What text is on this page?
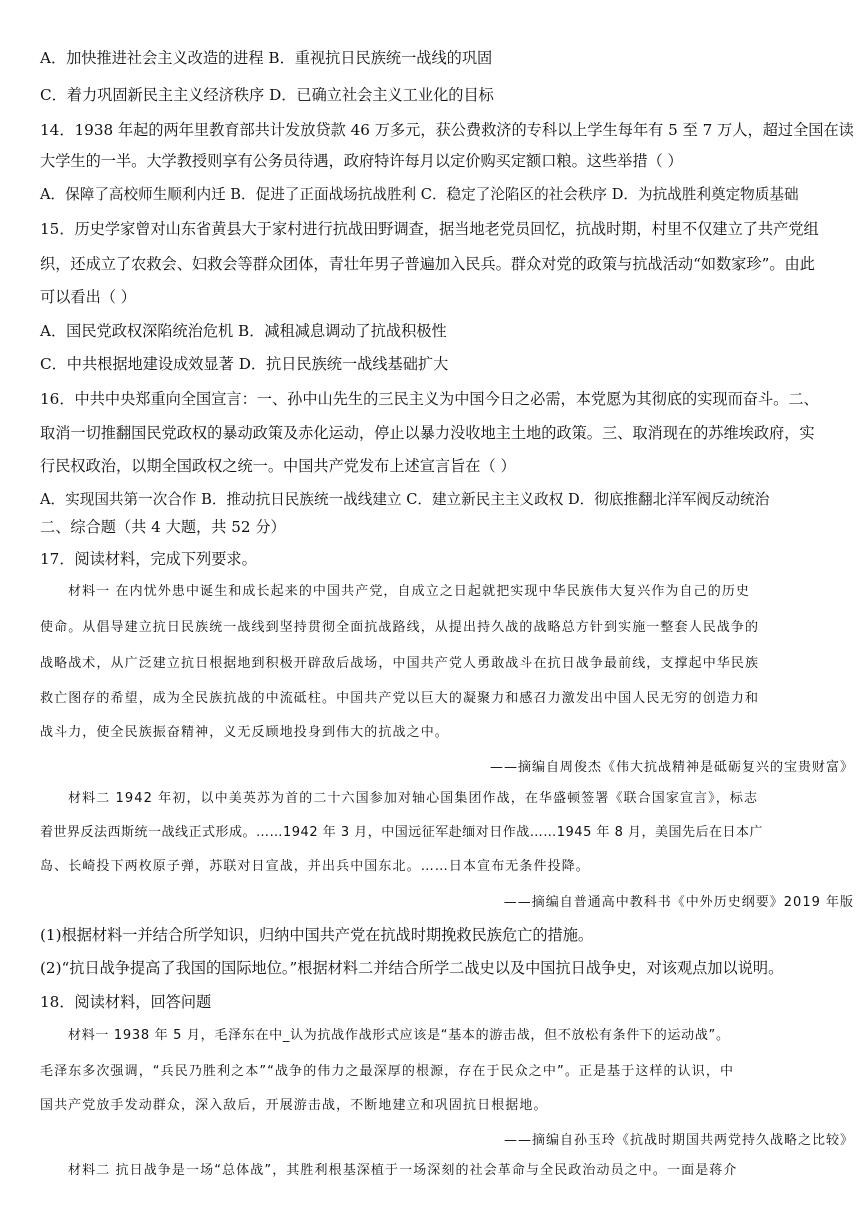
A．加快推进社会主义改造的进程 B．重视抗日民族统一战线的巩固
C．着力巩固新民主主义经济秩序 D．已确立社会主义工业化的目标
14．1938 年起的两年里教育部共计发放贷款 46 万多元，获公费救济的专科以上学生每年有 5 至 7 万人，超过全国在读
大学生的一半。大学教授则享有公务员待遇，政府特许每月以定价购买定额口粮。这些举措（ ）
A．保障了高校师生顺利内迁 B．促进了正面战场抗战胜利 C．稳定了沦陷区的社会秩序 D．为抗战胜利奠定物质基础
15．历史学家曾对山东省黄县大于家村进行抗战田野调查，据当地老党员回忆，抗战时期，村里不仅建立了共产党组
织，还成立了农救会、妇救会等群众团体，青壮年男子普遍加入民兵。群众对党的政策与抗战活动“如数家珍”。由此
可以看出（ ）
A．国民党政权深陷统治危机 B．减租减息调动了抗战积极性
C．中共根据地建设成效显著 D．抗日民族统一战线基础扩大
16．中共中央郑重向全国宣言：一、孙中山先生的三民主义为中国今日之必需，本党愿为其彻底的实现而奋斗。二、
取消一切推翻国民党政权的暴动政策及赤化运动，停止以暴力没收地主土地的政策。三、取消现在的苏维埃政府，实
行民权政治，以期全国政权之统一。中国共产党发布上述宣言旨在（ ）
A．实现国共第一次合作 B．推动抗日民族统一战线建立 C．建立新民主主义政权 D．彻底推翻北洋军阀反动统治
二、综合题（共 4 大题，共 52 分）
17．阅读材料，完成下列要求。
材料一 在内忧外患中诞生和成长起来的中国共产党，自成立之日起就把实现中华民族伟大复兴作为自己的历史
使命。从倡导建立抗日民族统一战线到坚持贯彻全面抗战路线，从提出持久战的战略总方针到实施一整套人民战争的
战略战术，从广泛建立抗日根据地到积极开辟敌后战场，中国共产党人勇敢战斗在抗日战争最前线，支撑起中华民族
救亡图存的希望，成为全民族抗战的中流砥柱。中国共产党以巨大的凝聚力和感召力激发出中国人民无穷的创造力和
战斗力，使全民族振奋精神，义无反顾地投身到伟大的抗战之中。
——摘编自周俊杰《伟大抗战精神是砥砺复兴的宝贵财富》
材料二 1942 年初，以中美英苏为首的二十六国参加对轴心国集团作战，在华盛顿签署《联合国家宣言》，标志
着世界反法西斯统一战线正式形成。……1942 年 3 月，中国远征军赴缅对日作战……1945 年 8 月，美国先后在日本广
岛、长崎投下两枚原子弹，苏联对日宣战，并出兵中国东北。……日本宣布无条件投降。
——摘编自普通高中教科书《中外历史纲要》2019 年版
(1)根据材料一并结合所学知识，归纳中国共产党在抗战时期挽救民族危亡的措施。
(2)“抗日战争提高了我国的国际地位。”根据材料二并结合所学二战史以及中国抗日战争史，对该观点加以说明。
18．阅读材料，回答问题
材料一 1938 年 5 月，毛泽东在中_认为抗战作战形式应该是“基本的游击战，但不放松有条件下的运动战”。
毛泽东多次强调，“兵民乃胜利之本”“战争的伟力之最深厚的根源，存在于民众之中”。正是基于这样的认识，中
国共产党放手发动群众，深入敌后，开展游击战，不断地建立和巩固抗日根据地。
——摘编自孙玉玲《抗战时期国共两党持久战略之比较》
材料二 抗日战争是一场“总体战”，其胜利根基深植于一场深刻的社会革命与全民政治动员之中。一面是蒋介
